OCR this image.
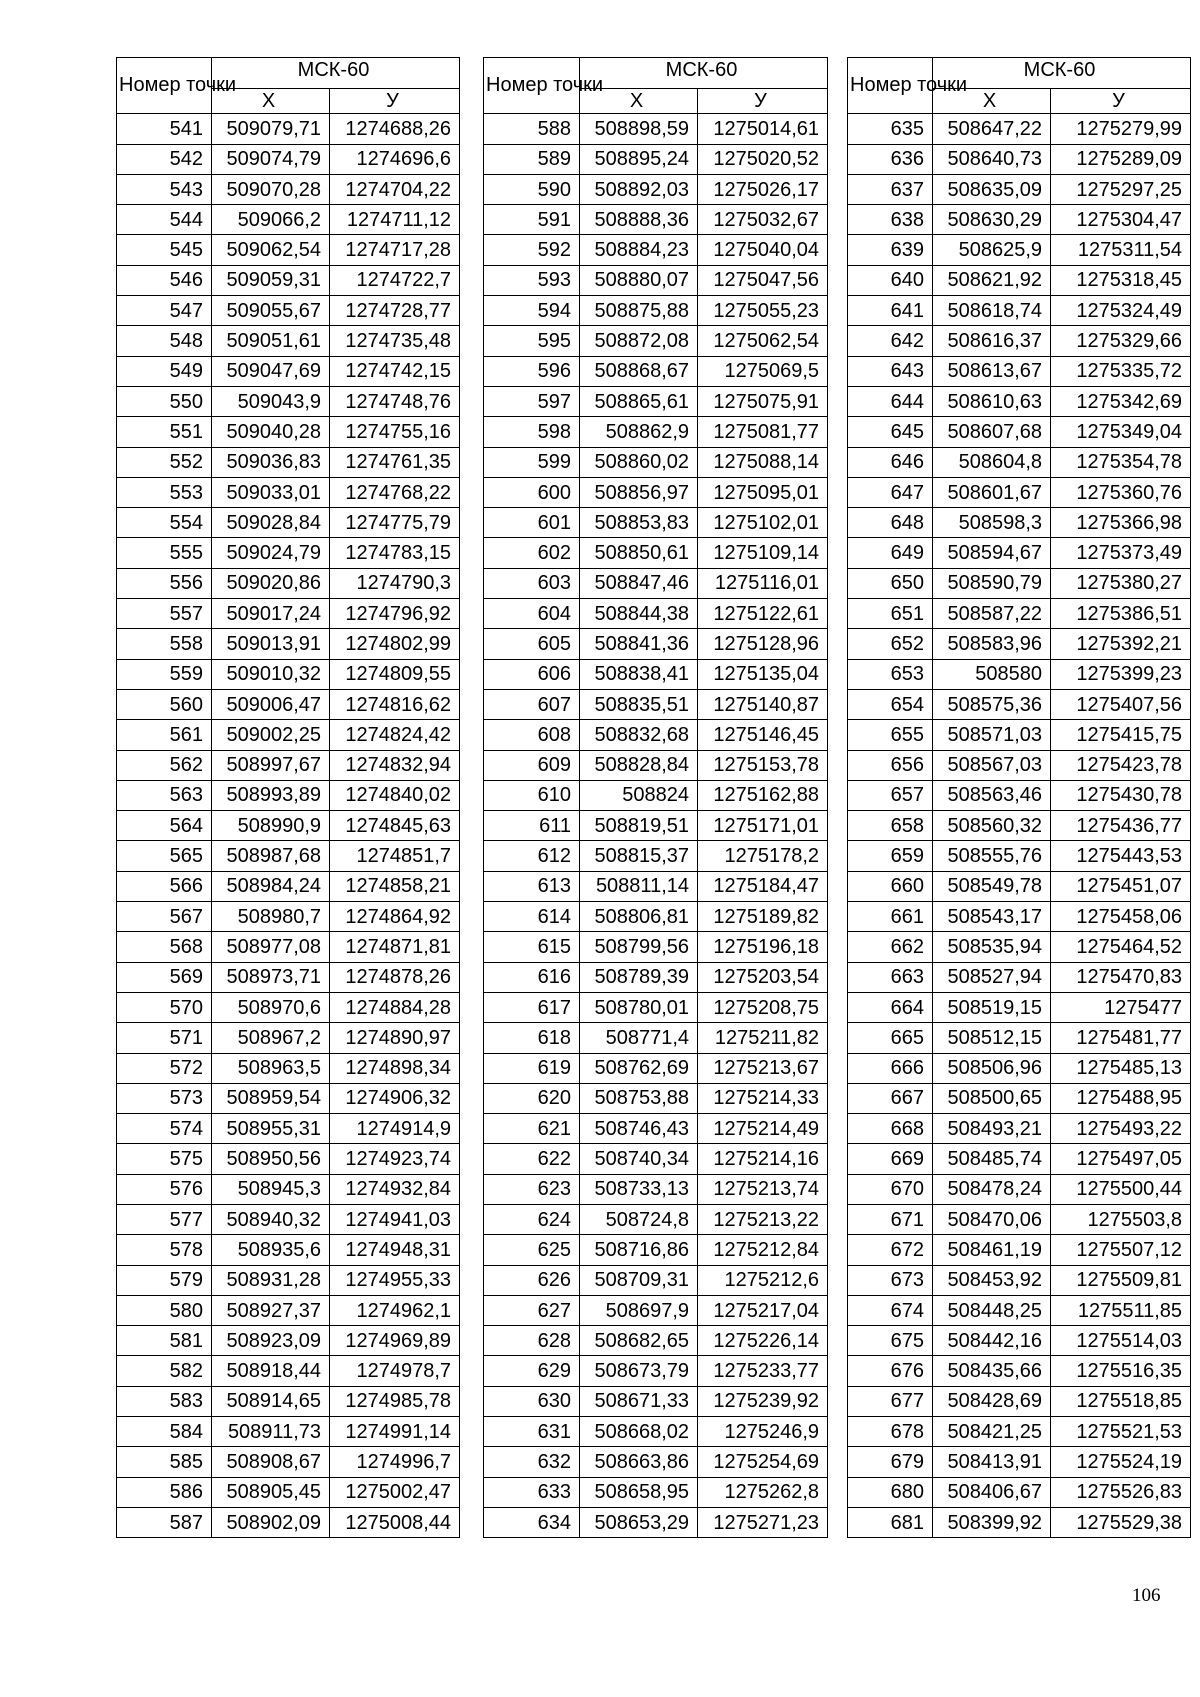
Номер точки	МСК-60	
	Х	У
541	509079,71	1274688,26
542	509074,79	1274696,6
543	509070,28	1274704,22
544	509066,2	1274711,12
545	509062,54	1274717,28
546	509059,31	1274722,7
547	509055,67	1274728,77
548	509051,61	1274735,48
549	509047,69	1274742,15
550	509043,9	1274748,76
551	509040,28	1274755,16
552	509036,83	1274761,35
553	509033,01	1274768,22
554	509028,84	1274775,79
555	509024,79	1274783,15
556	509020,86	1274790,3
557	509017,24	1274796,92
558	509013,91	1274802,99
559	509010,32	1274809,55
560	509006,47	1274816,62
561	509002,25	1274824,42
562	508997,67	1274832,94
563	508993,89	1274840,02
564	508990,9	1274845,63
565	508987,68	1274851,7
566	508984,24	1274858,21
567	508980,7	1274864,92
568	508977,08	1274871,81
569	508973,71	1274878,26
570	508970,6	1274884,28
571	508967,2	1274890,97
572	508963,5	1274898,34
573	508959,54	1274906,32
574	508955,31	1274914,9
575	508950,56	1274923,74
576	508945,3	1274932,84
577	508940,32	1274941,03
578	508935,6	1274948,31
579	508931,28	1274955,33
580	508927,37	1274962,1
581	508923,09	1274969,89
582	508918,44	1274978,7
583	508914,65	1274985,78
584	508911,73	1274991,14
585	508908,67	1274996,7
586	508905,45	1275002,47
587	508902,09	1275008,44
Номер точки	МСК-60	
	Х	У
588	508898,59	1275014,61
589	508895,24	1275020,52
590	508892,03	1275026,17
591	508888,36	1275032,67
592	508884,23	1275040,04
593	508880,07	1275047,56
594	508875,88	1275055,23
595	508872,08	1275062,54
596	508868,67	1275069,5
597	508865,61	1275075,91
598	508862,9	1275081,77
599	508860,02	1275088,14
600	508856,97	1275095,01
601	508853,83	1275102,01
602	508850,61	1275109,14
603	508847,46	1275116,01
604	508844,38	1275122,61
605	508841,36	1275128,96
606	508838,41	1275135,04
607	508835,51	1275140,87
608	508832,68	1275146,45
609	508828,84	1275153,78
610	508824	1275162,88
611	508819,51	1275171,01
612	508815,37	1275178,2
613	508811,14	1275184,47
614	508806,81	1275189,82
615	508799,56	1275196,18
616	508789,39	1275203,54
617	508780,01	1275208,75
618	508771,4	1275211,82
619	508762,69	1275213,67
620	508753,88	1275214,33
621	508746,43	1275214,49
622	508740,34	1275214,16
623	508733,13	1275213,74
624	508724,8	1275213,22
625	508716,86	1275212,84
626	508709,31	1275212,6
627	508697,9	1275217,04
628	508682,65	1275226,14
629	508673,79	1275233,77
630	508671,33	1275239,92
631	508668,02	1275246,9
632	508663,86	1275254,69
633	508658,95	1275262,8
634	508653,29	1275271,23
Номер точки	МСК-60	
	Х	У
635	508647,22	1275279,99
636	508640,73	1275289,09
637	508635,09	1275297,25
638	508630,29	1275304,47
639	508625,9	1275311,54
640	508621,92	1275318,45
641	508618,74	1275324,49
642	508616,37	1275329,66
643	508613,67	1275335,72
644	508610,63	1275342,69
645	508607,68	1275349,04
646	508604,8	1275354,78
647	508601,67	1275360,76
648	508598,3	1275366,98
649	508594,67	1275373,49
650	508590,79	1275380,27
651	508587,22	1275386,51
652	508583,96	1275392,21
653	508580	1275399,23
654	508575,36	1275407,56
655	508571,03	1275415,75
656	508567,03	1275423,78
657	508563,46	1275430,78
658	508560,32	1275436,77
659	508555,76	1275443,53
660	508549,78	1275451,07
661	508543,17	1275458,06
662	508535,94	1275464,52
663	508527,94	1275470,83
664	508519,15	1275477
665	508512,15	1275481,77
666	508506,96	1275485,13
667	508500,65	1275488,95
668	508493,21	1275493,22
669	508485,74	1275497,05
670	508478,24	1275500,44
671	508470,06	1275503,8
672	508461,19	1275507,12
673	508453,92	1275509,81
674	508448,25	1275511,85
675	508442,16	1275514,03
676	508435,66	1275516,35
677	508428,69	1275518,85
678	508421,25	1275521,53
679	508413,91	1275524,19
680	508406,67	1275526,83
681	508399,92	1275529,38
106
